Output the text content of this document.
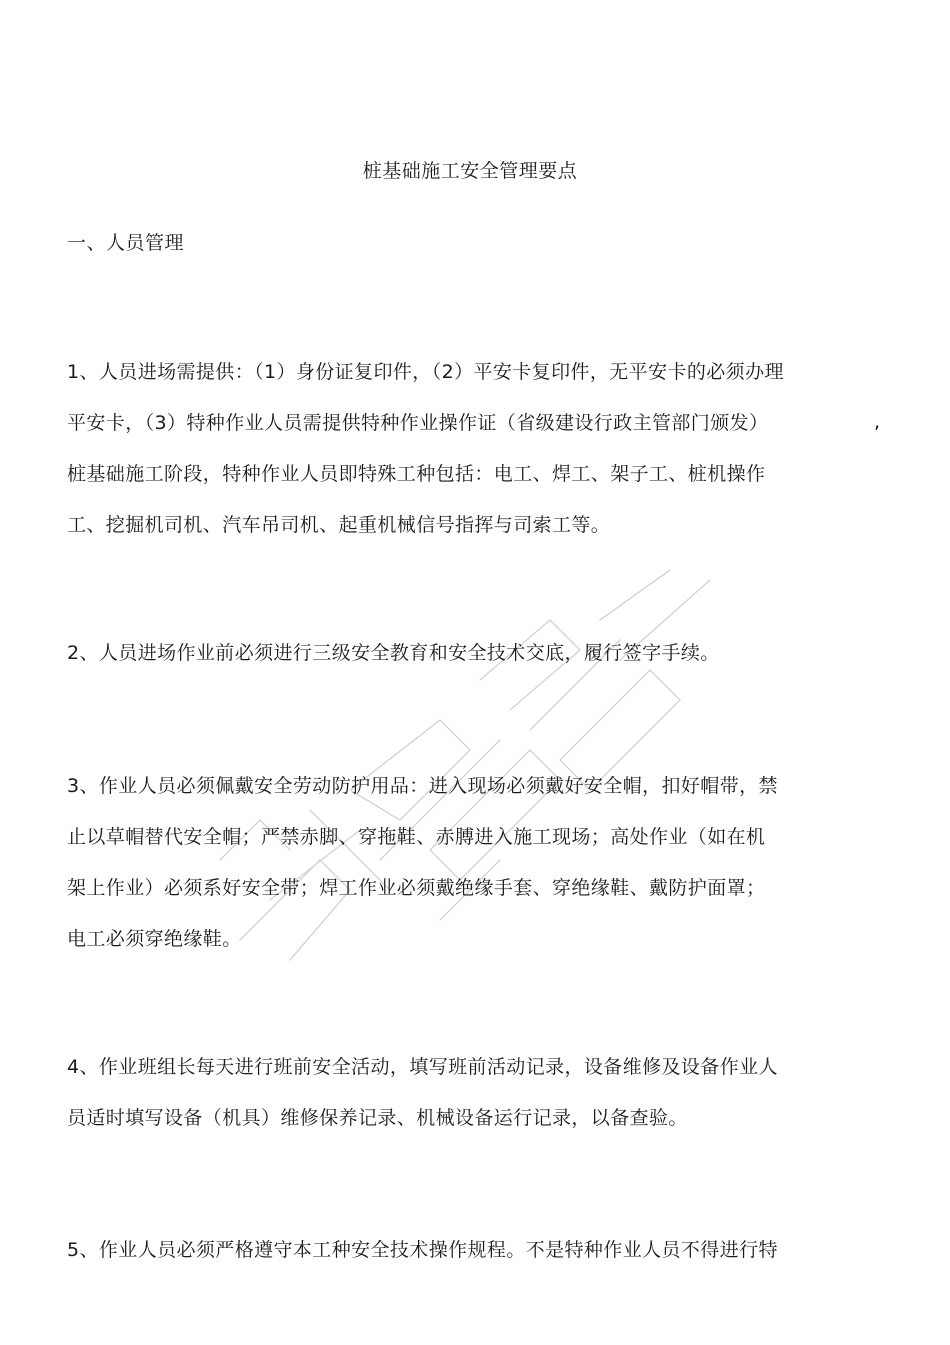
桩基础施工安全管理要点
一、人员管理
1、人员进场需提供：（1）身份证复印件，（2）平安卡复印件，无平安卡的必须办理
平安卡，（3）特种作业人员需提供特种作业操作证（省级建设行政主管部门颁发）
桩基础施工阶段，特种作业人员即特殊工种包括：电工、焊工、架子工、桩机操作
工、挖掘机司机、汽车吊司机、起重机械信号指挥与司索工等。
,
2、人员进场作业前必须进行三级安全教育和安全技术交底，履行签字手续。
3、作业人员必须佩戴安全劳动防护用品：进入现场必须戴好安全帽，扣好帽带，禁
止以草帽替代安全帽；严禁赤脚、穿拖鞋、赤膊进入施工现场；高处作业（如在机
架上作业）必须系好安全带；焊工作业必须戴绝缘手套、穿绝缘鞋、戴防护面罩；
电工必须穿绝缘鞋。
4、作业班组长每天进行班前安全活动，填写班前活动记录，设备维修及设备作业人
员适时填写设备（机具）维修保养记录、机械设备运行记录，以备查验。
5、作业人员必须严格遵守本工种安全技术操作规程。不是特种作业人员不得进行特
